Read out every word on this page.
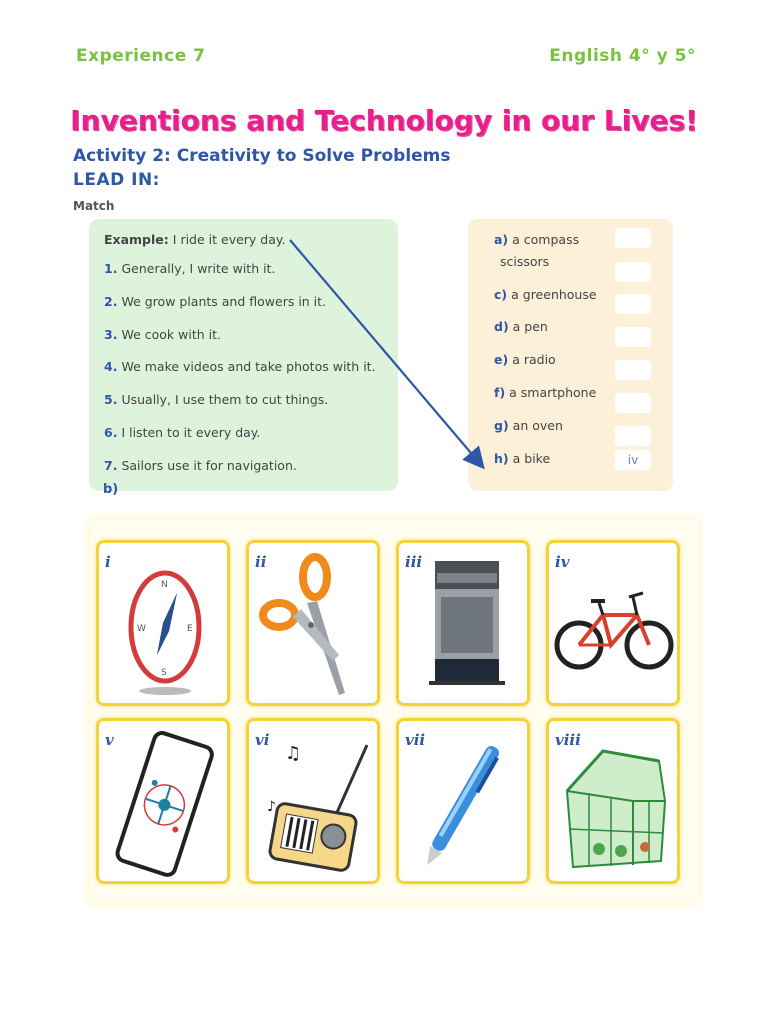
Experience 7	English 4° y 5°
Inventions and Technology in our Lives!
Activity 2: Creativity to Solve Problems
LEAD IN:
Match
Example: I ride it every day.
1. Generally, I write with it.
2. We grow plants and flowers in it.
3. We cook with it.
4. We make videos and take photos with it.
5. Usually, I use them to cut things.
6. I listen to it every day.
7. Sailors use it for navigation.
b)
a) a compass
scissors
c) a greenhouse
d) a pen
e) a radio
f) a smartphone
g) an oven
h) a bike	iv
i
N
S
W	E
ii	iii	iv
v	vi
♫
♪
vii	viii
